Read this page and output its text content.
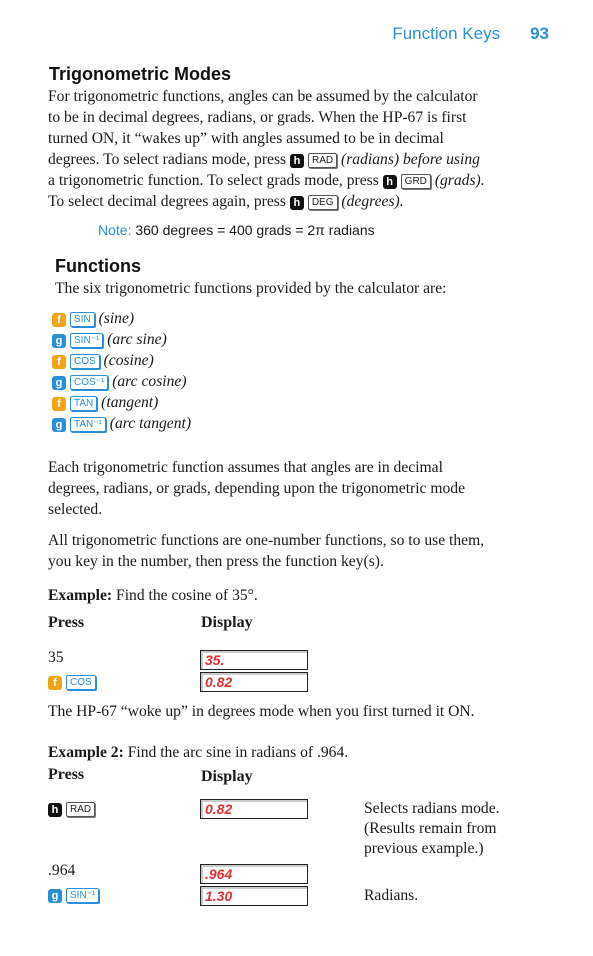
Function Keys 93
Trigonometric Modes
For trigonometric functions, angles can be assumed by the calculator
to be in decimal degrees, radians, or grads. When the HP-67 is first
turned ON, it “wakes up” with angles assumed to be in decimal
degrees. To select radians mode, press h RAD (radians) before using
a trigonometric function. To select grads mode, press h GRD (grads).
To select decimal degrees again, press h DEG (degrees).
Note: 360 degrees = 400 grads = 2π radians
Functions
The six trigonometric functions provided by the calculator are:
f SIN (sine)
g SIN⁻¹ (arc sine)
f COS (cosine)
g COS⁻¹ (arc cosine)
f TAN (tangent)
g TAN⁻¹ (arc tangent)
Each trigonometric function assumes that angles are in decimal
degrees, radians, or grads, depending upon the trigonometric mode
selected.
All trigonometric functions are one-number functions, so to use them,
you key in the number, then press the function key(s).
Example: Find the cosine of 35°.
Press	Display
35	35.
f COS	0.82
The HP-67 “woke up” in degrees mode when you first turned it ON.
Example 2: Find the arc sine in radians of .964.
Press	Display
h RAD	0.82	Selects radians mode.
(Results remain from
previous example.)
.964	.964
g SIN⁻¹	1.30	Radians.
